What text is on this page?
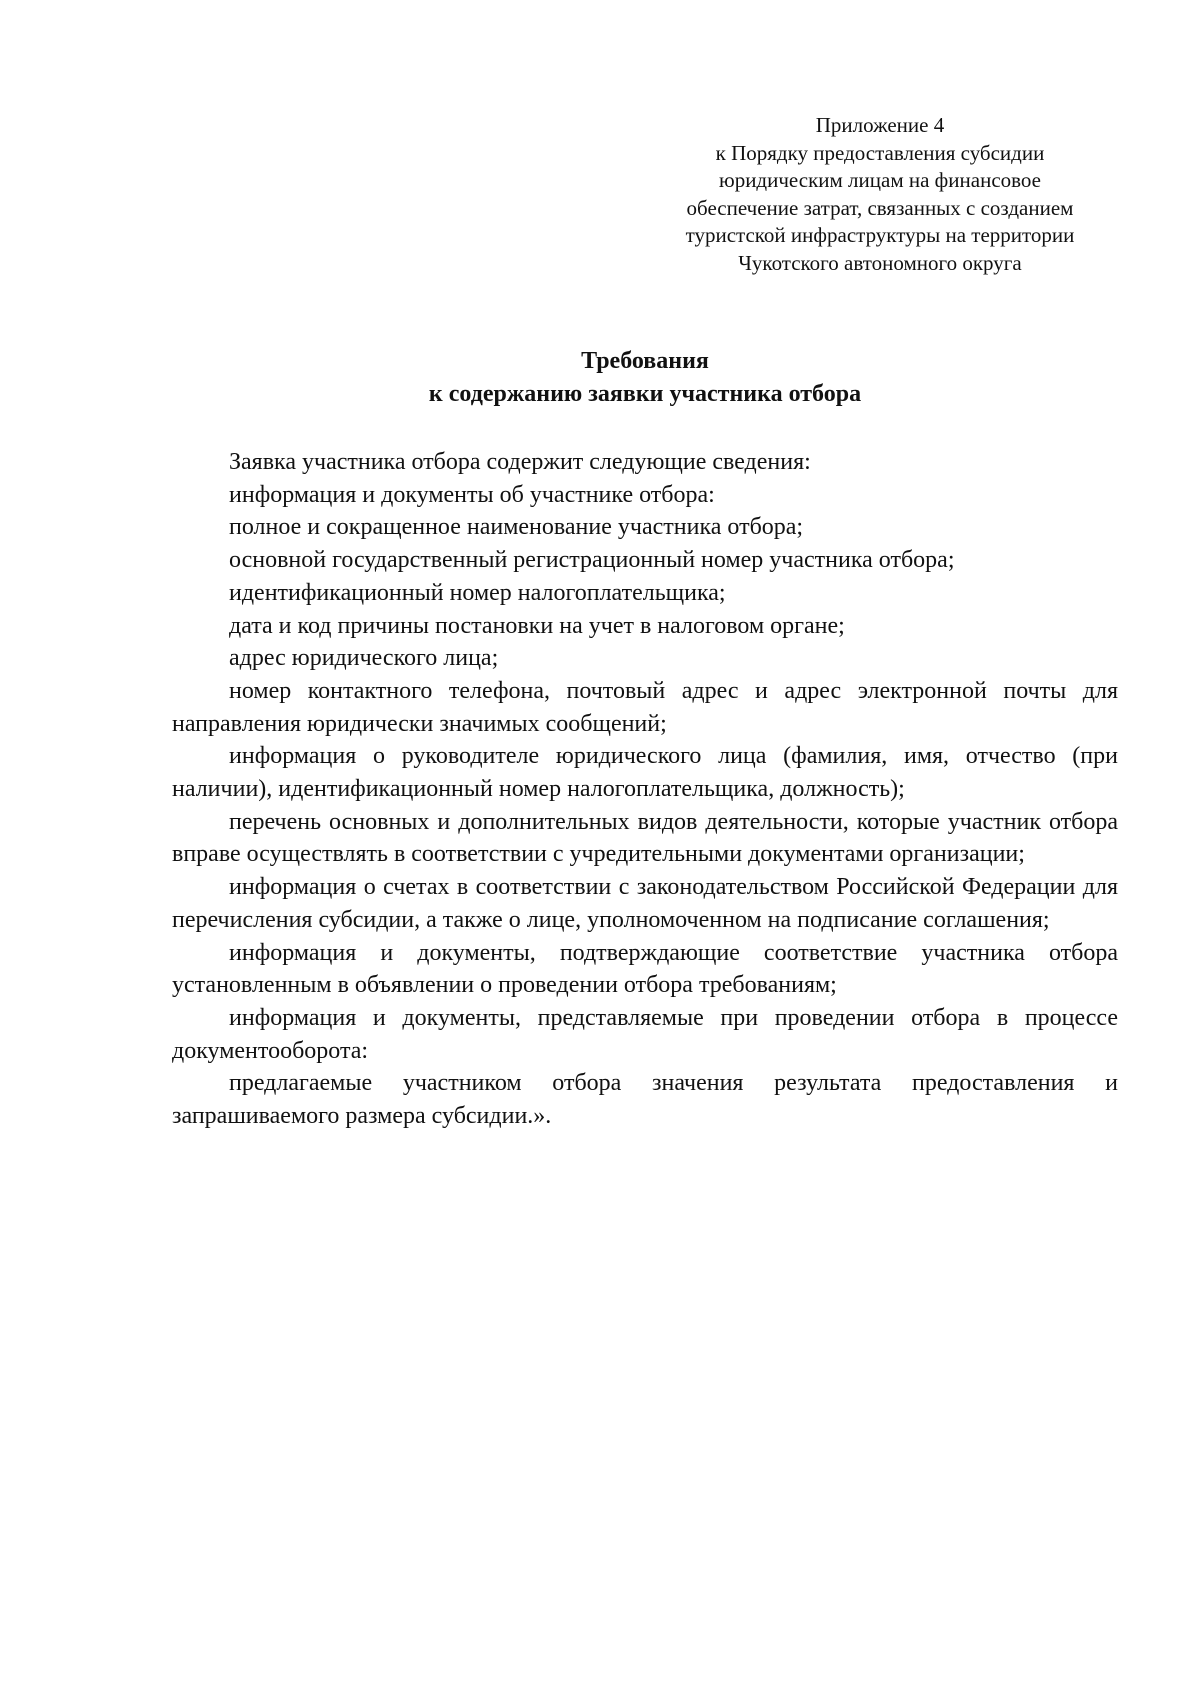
Приложение 4
к Порядку предоставления субсидии
юридическим лицам на финансовое
обеспечение затрат, связанных с созданием
туристской инфраструктуры на территории
Чукотского автономного округа
Требования
к содержанию заявки участника отбора

Заявка участника отбора содержит следующие сведения:

информация и документы об участнике отбора:

полное и сокращенное наименование участника отбора;

основной государственный регистрационный номер участника отбора;

идентификационный номер налогоплательщика;

дата и код причины постановки на учет в налоговом органе;

адрес юридического лица;

номер контактного телефона, почтовый адрес и адрес электронной почты для направления юридически значимых сообщений;

информация о руководителе юридического лица (фамилия, имя, отчество (при наличии), идентификационный номер налогоплательщика, должность);

перечень основных и дополнительных видов деятельности, которые участник отбора вправе осуществлять в соответствии с учредительными документами организации;

информация о счетах в соответствии с законодательством Российской Федерации для перечисления субсидии, а также о лице, уполномоченном на подписание соглашения;

информация и документы, подтверждающие соответствие участника отбора установленным в объявлении о проведении отбора требованиям;

информация и документы, представляемые при проведении отбора в процессе документооборота:

предлагаемые участником отбора значения результата предоставления и запрашиваемого размера субсидии.».
